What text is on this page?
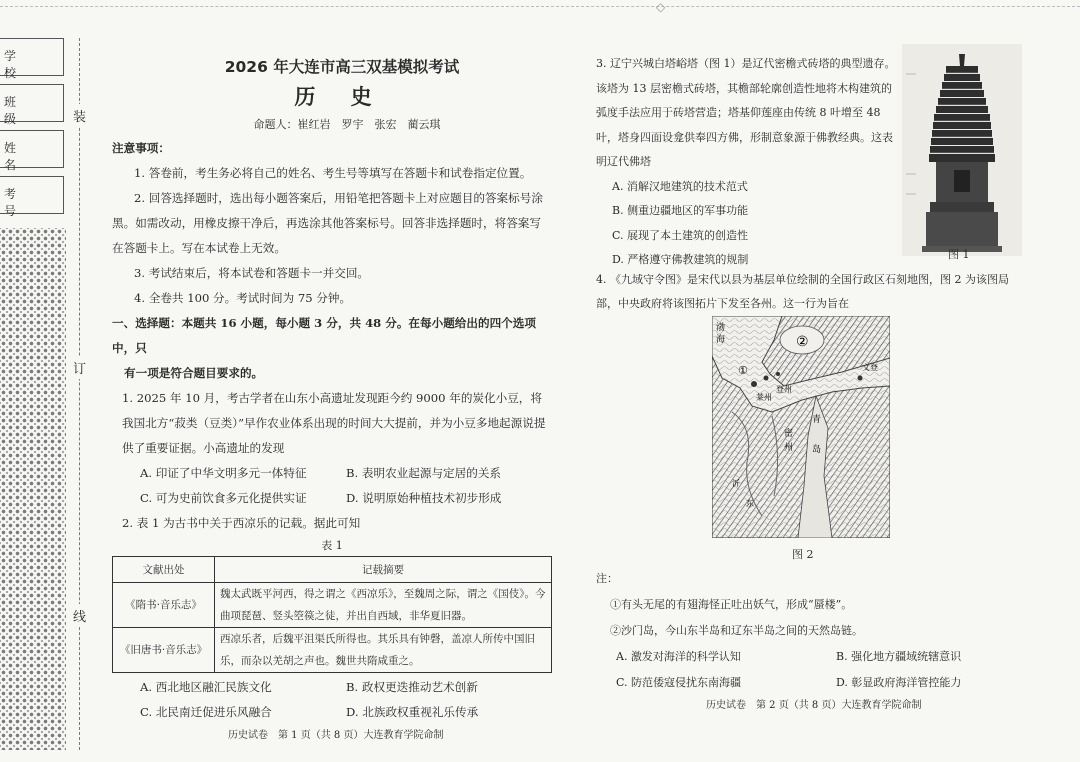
◇
学校
班级
姓名
考号
装
订
线
2026 年大连市高三双基模拟考试
历 史
命题人：崔红岩　罗宇　张宏　蔺云琪
注意事项：
1. 答卷前，考生务必将自己的姓名、考生号等填写在答题卡和试卷指定位置。
2. 回答选择题时，选出每小题答案后，用铅笔把答题卡上对应题目的答案标号涂黑。如需改动，用橡皮擦干净后，再选涂其他答案标号。回答非选择题时，将答案写在答题卡上。写在本试卷上无效。
3. 考试结束后，将本试卷和答题卡一并交回。
4. 全卷共 100 分。考试时间为 75 分钟。
一、选择题：本题共 16 小题，每小题 3 分，共 48 分。在每小题给出的四个选项中，只
有一项是符合题目要求的。
1. 2025 年 10 月，考古学者在山东小高遗址发现距今约 9000 年的炭化小豆，将我国北方“菽类（豆类）”早作农业体系出现的时间大大提前，并为小豆多地起源说提供了重要证据。小高遗址的发现
A. 印证了中华文明多元一体特征	B. 表明农业起源与定居的关系
C. 可为史前饮食多元化提供实证	D. 说明原始种植技术初步形成
2. 表 1 为古书中关于西凉乐的记载。据此可知
表 1
文献出处	记载摘要
《隋书·音乐志》	魏太武既平河西，得之谓之《西凉乐》，至魏周之际，谓之《国伎》。今曲项琵琶、竖头箜篌之徒，并出自西域，非华夏旧器。
《旧唐书·音乐志》	西凉乐者，后魏平沮渠氏所得也。其乐具有钟磬，盖凉人所传中国旧乐，而杂以羌胡之声也。魏世共隋咸重之。
A. 西北地区融汇民族文化	B. 政权更迭推动艺术创新
C. 北民南迁促进乐风融合	D. 北族政权重视礼乐传承
历史试卷　第 1 页（共 8 页）大连教育学院命制
3. 辽宁兴城白塔峪塔（图 1）是辽代密檐式砖塔的典型遗存。该塔为 13 层密檐式砖塔，其檐部轮廓创造性地将木构建筑的弧度手法应用于砖塔营造；塔基仰莲座由传统 8 叶增至 48 叶，塔身四面设龛供奉四方佛，形制意象源于佛教经典。这表明辽代佛塔
A. 消解汉地建筑的技术范式
B. 侧重边疆地区的军事功能
C. 展现了本土建筑的创造性
D. 严格遵守佛教建筑的规制	图 1
4. 《九域守令图》是宋代以县为基层单位绘制的全国行政区石刻地图，图 2 为该图局部，中央政府将该图拓片下发至各州。这一行为旨在
渤
海	②
①	文登
青
岛
莱州
密
州
沂
东
登州
图 2
注：
①有头无尾的有翅海怪正吐出妖气，形成“蜃楼”。
②沙门岛，今山东半岛和辽东半岛之间的天然岛链。
A. 激发对海洋的科学认知	B. 强化地方疆域统辖意识
C. 防范倭寇侵扰东南海疆	D. 彰显政府海洋管控能力
历史试卷　第 2 页（共 8 页）大连教育学院命制
